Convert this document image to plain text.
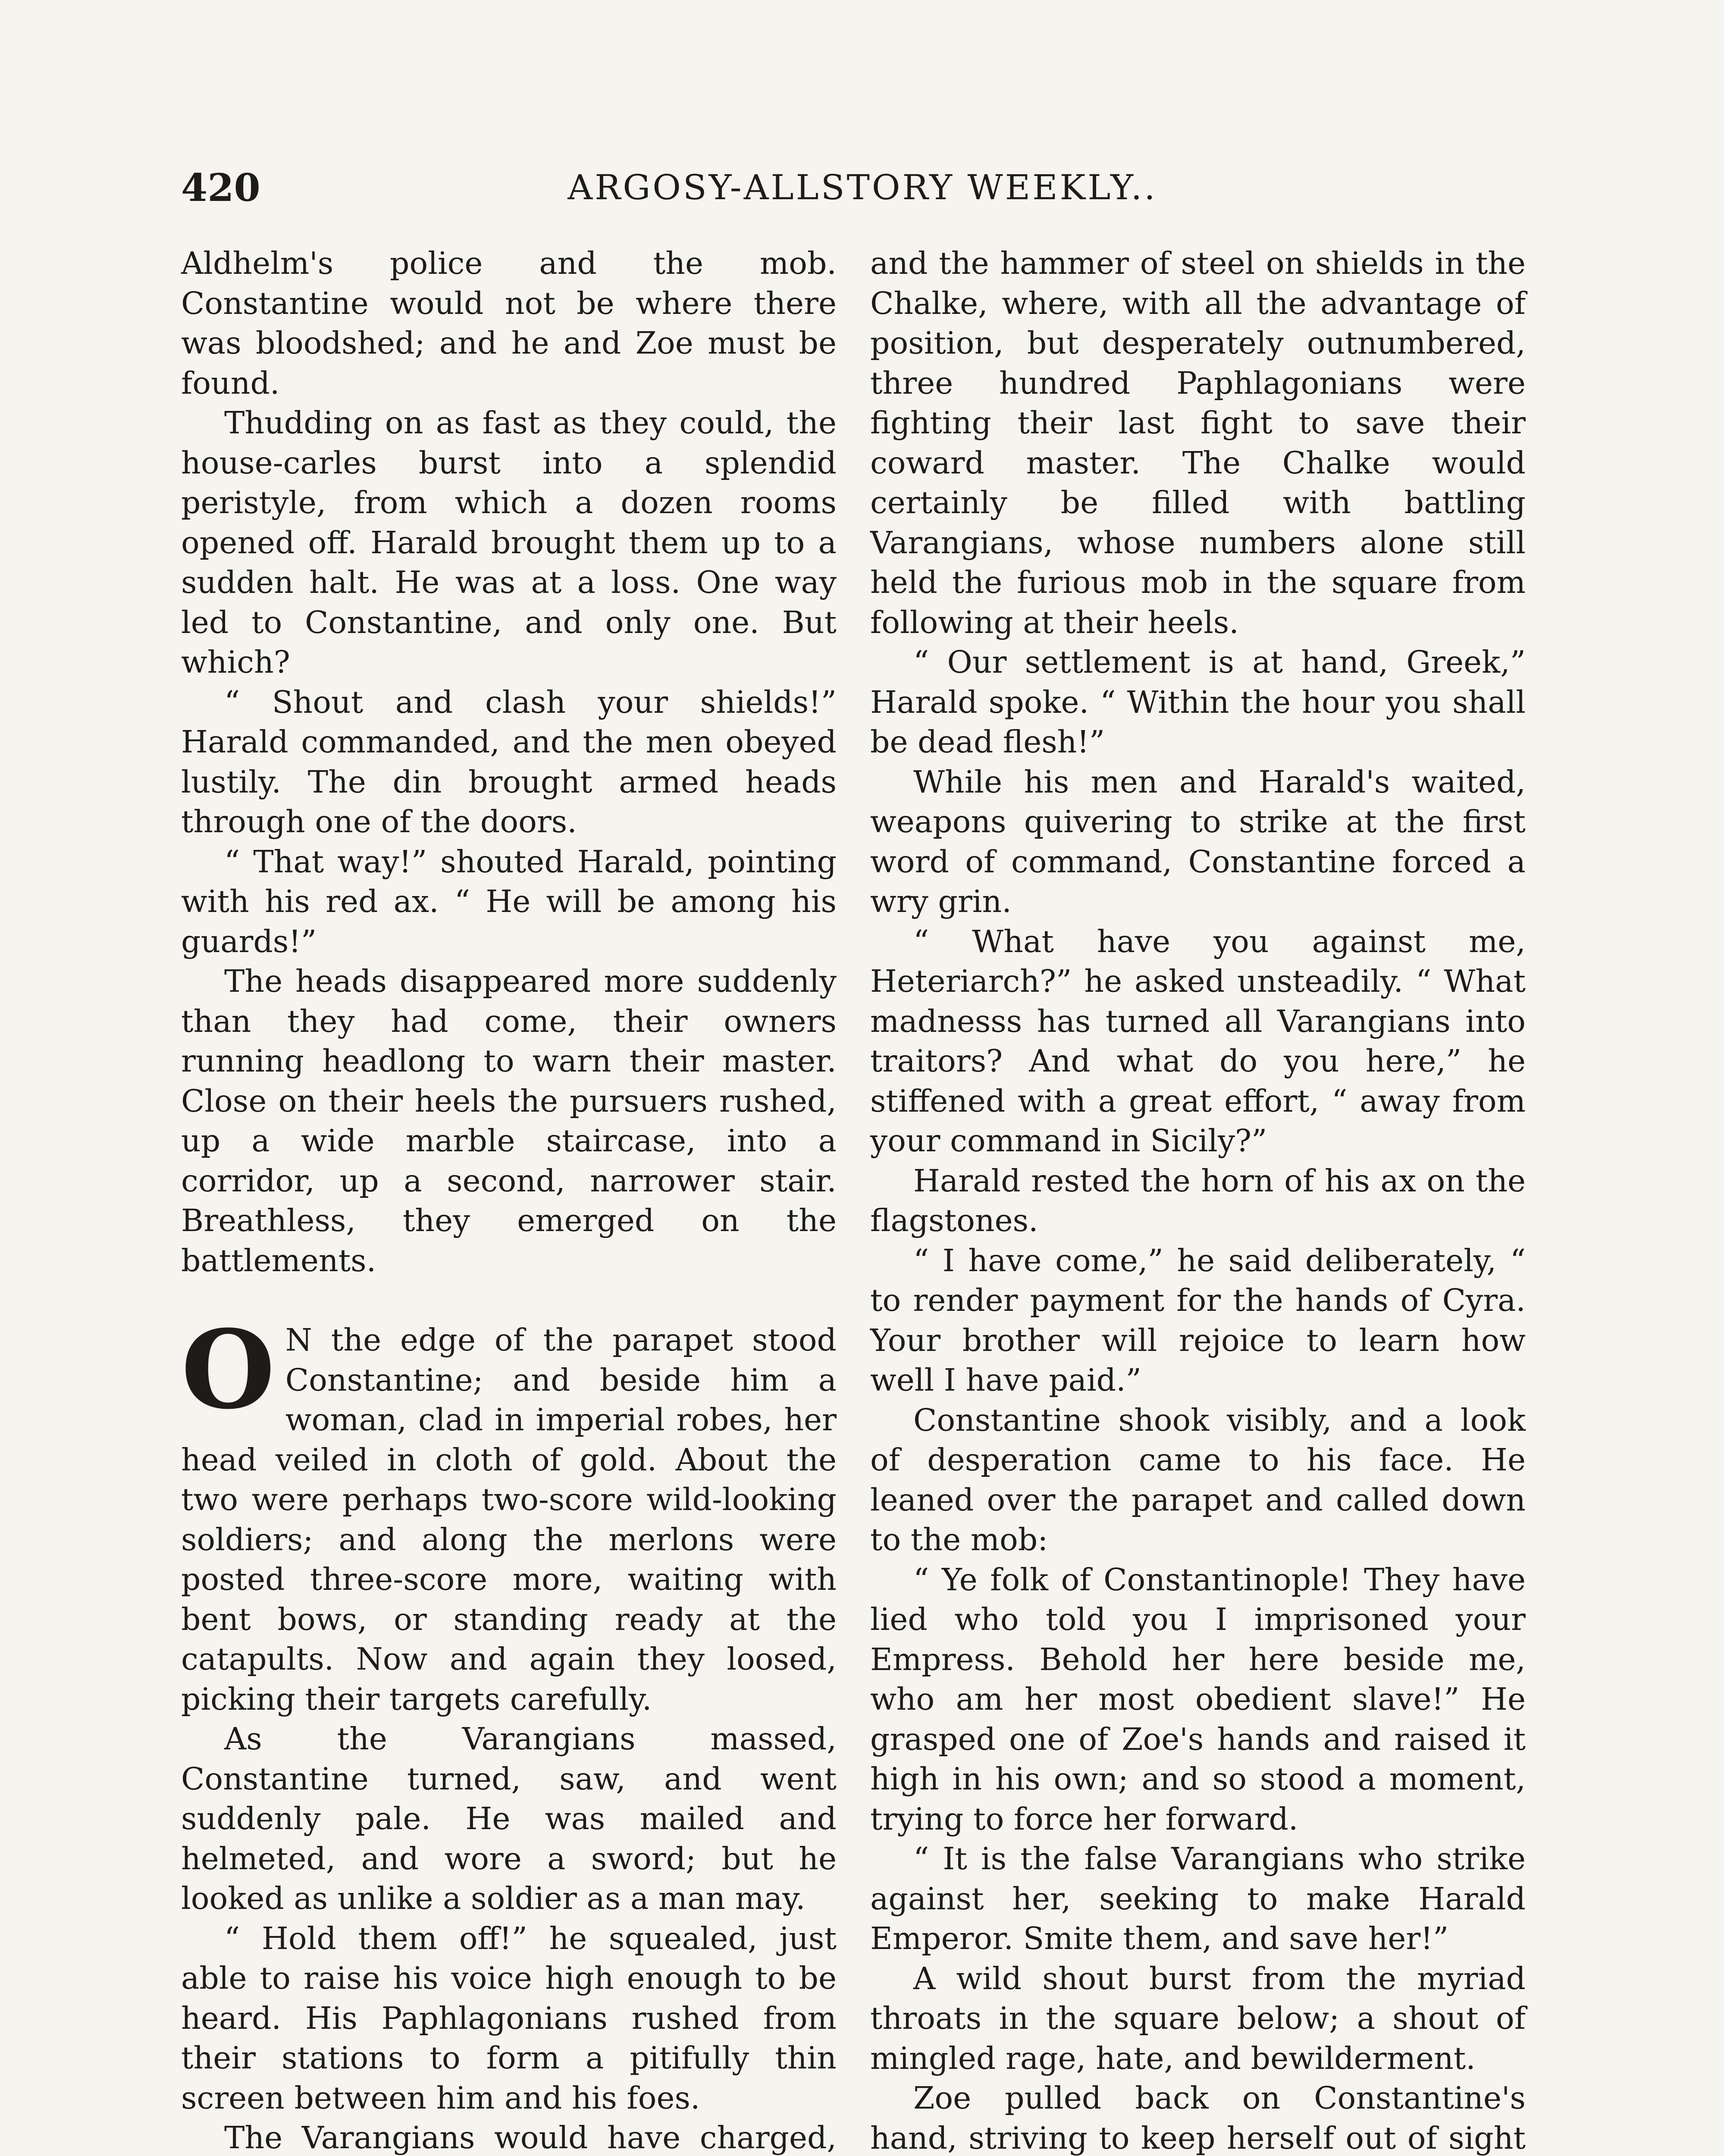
420	ARGOSY-ALLSTORY WEEKLY..

Aldhelm's police and the mob. Constantine would not be where there was bloodshed; and he and Zoe must be found.

Thudding on as fast as they could, the house-carles burst into a splendid peristyle, from which a dozen rooms opened off. Harald brought them up to a sudden halt. He was at a loss. One way led to Constantine, and only one. But which?

“ Shout and clash your shields!” Harald commanded, and the men obeyed lustily. The din brought armed heads through one of the doors.

“ That way!” shouted Harald, pointing with his red ax. “ He will be among his guards!”

The heads disappeared more suddenly than they had come, their owners running headlong to warn their master. Close on their heels the pursuers rushed, up a wide marble staircase, into a corridor, up a second, narrower stair. Breathless, they emerged on the battlements.

O N the edge of the parapet stood Constantine; and beside him a woman, clad in imperial robes, her head veiled in cloth of gold. About the two were perhaps two-score wild-looking soldiers; and along the merlons were posted three-score more, waiting with bent bows, or standing ready at the catapults. Now and again they loosed, picking their targets carefully.

As the Varangians massed, Constantine turned, saw, and went suddenly pale. He was mailed and helmeted, and wore a sword; but he looked as unlike a soldier as a man may.

“ Hold them off!” he squealed, just able to raise his voice high enough to be heard. His Paphlagonians rushed from their stations to form a pitifully thin screen between him and his foes.

The Varangians would have charged,

and the hammer of steel on shields in the Chalke, where, with all the advantage of position, but desperately outnumbered, three hundred Paphlagonians were fighting their last fight to save their coward master. The Chalke would certainly be filled with battling Varangians, whose numbers alone still held the furious mob in the square from following at their heels.

“ Our settlement is at hand, Greek,” Harald spoke. “ Within the hour you shall be dead flesh!”

While his men and Harald's waited, weapons quivering to strike at the first word of command, Constantine forced a wry grin.

“ What have you against me, Heteriarch?” he asked unsteadily. “ What madnesss has turned all Varangians into traitors? And what do you here,” he stiffened with a great effort, “ away from your command in Sicily?”

Harald rested the horn of his ax on the flagstones.

“ I have come,” he said deliberately, “ to render payment for the hands of Cyra. Your brother will rejoice to learn how well I have paid.”

Constantine shook visibly, and a look of desperation came to his face. He leaned over the parapet and called down to the mob:

“ Ye folk of Constantinople! They have lied who told you I imprisoned your Empress. Behold her here beside me, who am her most obedient slave!” He grasped one of Zoe's hands and raised it high in his own; and so stood a moment, trying to force her forward.

“ It is the false Varangians who strike against her, seeking to make Harald Emperor. Smite them, and save her!”

A wild shout burst from the myriad throats in the square below; a shout of mingled rage, hate, and bewilderment.

Zoe pulled back on Constantine's hand, striving to keep herself out of sight
